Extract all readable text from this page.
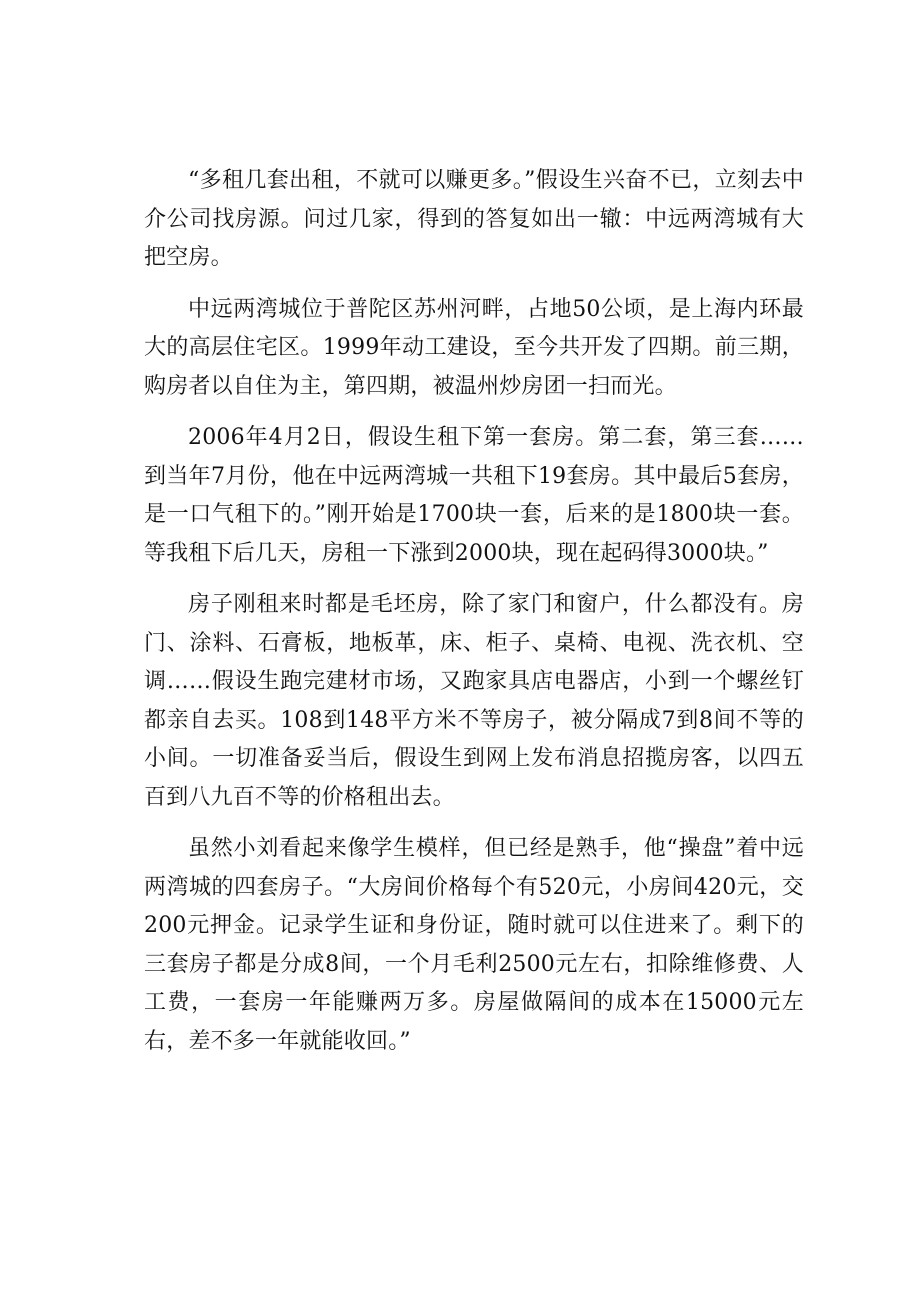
“多租几套出租，不就可以赚更多。”假设生兴奋不已，立刻去中介公司找房源。问过几家，得到的答复如出一辙：中远两湾城有大把空房。

中远两湾城位于普陀区苏州河畔，占地50公顷，是上海内环最大的高层住宅区。1999年动工建设，至今共开发了四期。前三期，购房者以自住为主，第四期，被温州炒房团一扫而光。

2006年4月2日，假设生租下第一套房。第二套，第三套……到当年7月份，他在中远两湾城一共租下19套房。其中最后5套房，是一口气租下的。”刚开始是1700块一套，后来的是1800块一套。等我租下后几天，房租一下涨到2000块，现在起码得3000块。”

房子刚租来时都是毛坯房，除了家门和窗户，什么都没有。房门、涂料、石膏板，地板革，床、柜子、桌椅、电视、洗衣机、空调……假设生跑完建材市场，又跑家具店电器店，小到一个螺丝钉都亲自去买。108到148平方米不等房子，被分隔成7到8间不等的小间。一切准备妥当后，假设生到网上发布消息招揽房客，以四五百到八九百不等的价格租出去。

虽然小刘看起来像学生模样，但已经是熟手，他“操盘”着中远两湾城的四套房子。“大房间价格每个有520元，小房间420元，交200元押金。记录学生证和身份证，随时就可以住进来了。剩下的三套房子都是分成8间，一个月毛利2500元左右，扣除维修费、人工费，一套房一年能赚两万多。房屋做隔间的成本在15000元左右，差不多一年就能收回。”
